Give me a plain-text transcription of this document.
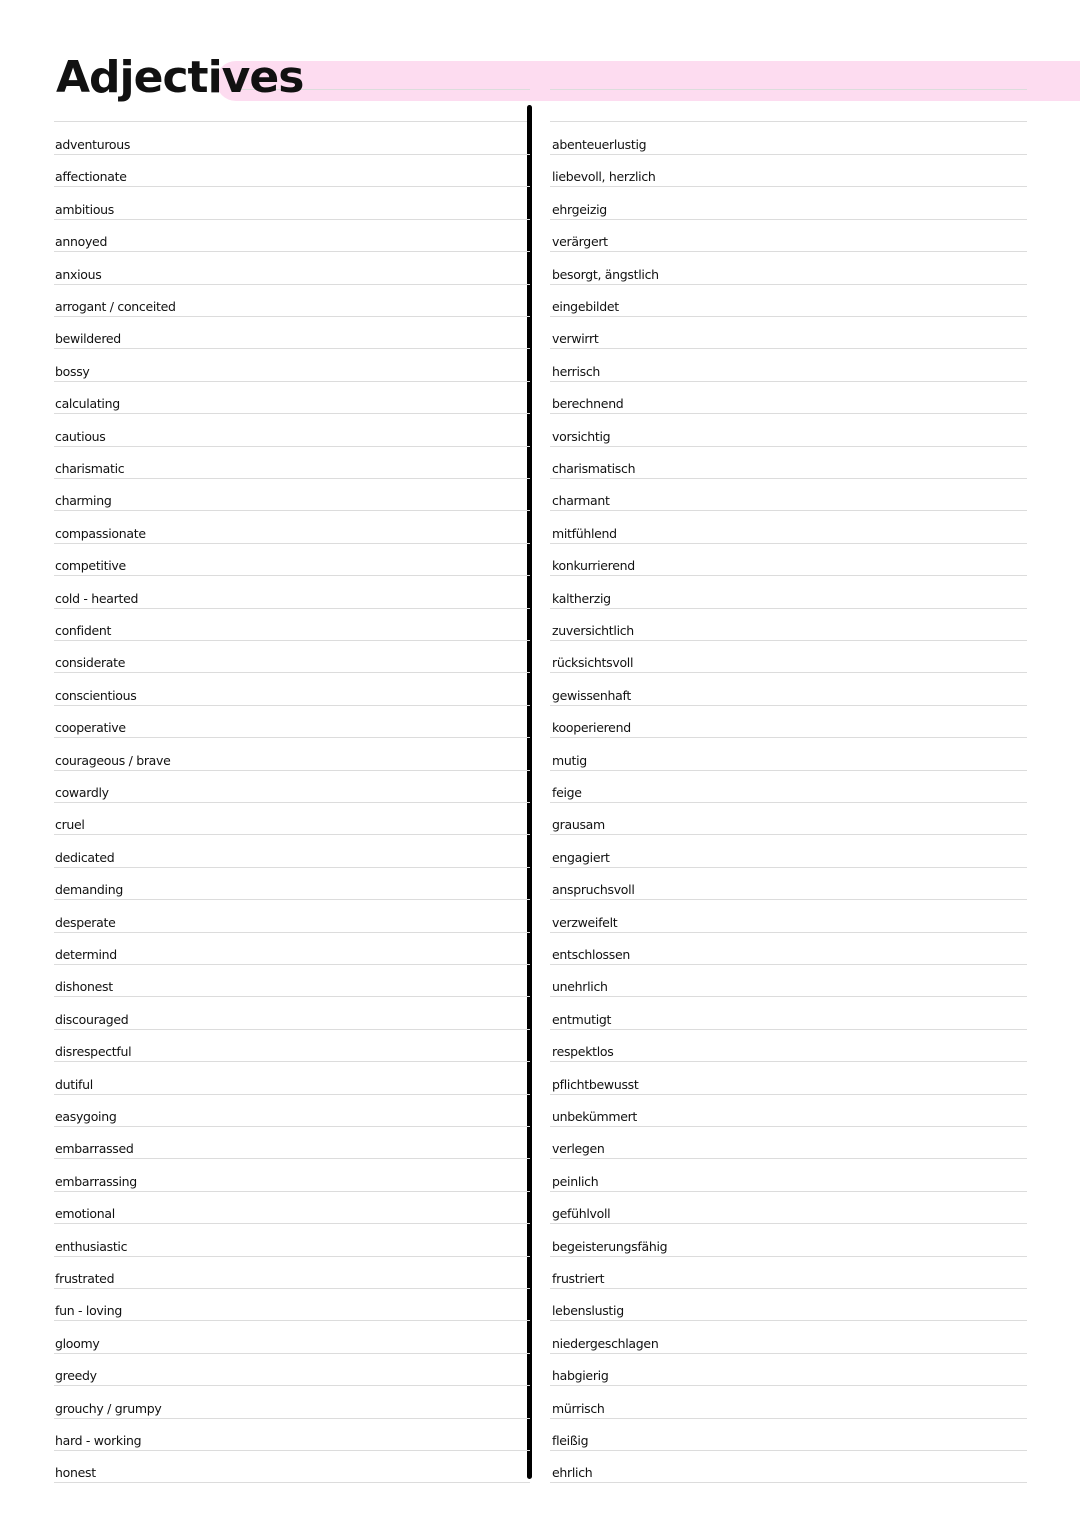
Adjectives
adventurous	abenteuerlustig
affectionate	liebevoll, herzlich
ambitious	ehrgeizig
annoyed	verärgert
anxious	besorgt, ängstlich
arrogant / conceited	eingebildet
bewildered	verwirrt
bossy	herrisch
calculating	berechnend
cautious	vorsichtig
charismatic	charismatisch
charming	charmant
compassionate	mitfühlend
competitive	konkurrierend
cold - hearted	kaltherzig
confident	zuversichtlich
considerate	rücksichtsvoll
conscientious	gewissenhaft
cooperative	kooperierend
courageous / brave	mutig
cowardly	feige
cruel	grausam
dedicated	engagiert
demanding	anspruchsvoll
desperate	verzweifelt
determind	entschlossen
dishonest	unehrlich
discouraged	entmutigt
disrespectful	respektlos
dutiful	pflichtbewusst
easygoing	unbekümmert
embarrassed	verlegen
embarrassing	peinlich
emotional	gefühlvoll
enthusiastic	begeisterungsfähig
frustrated	frustriert
fun - loving	lebenslustig
gloomy	niedergeschlagen
greedy	habgierig
grouchy / grumpy	mürrisch
hard - working	fleißig
honest	ehrlich
